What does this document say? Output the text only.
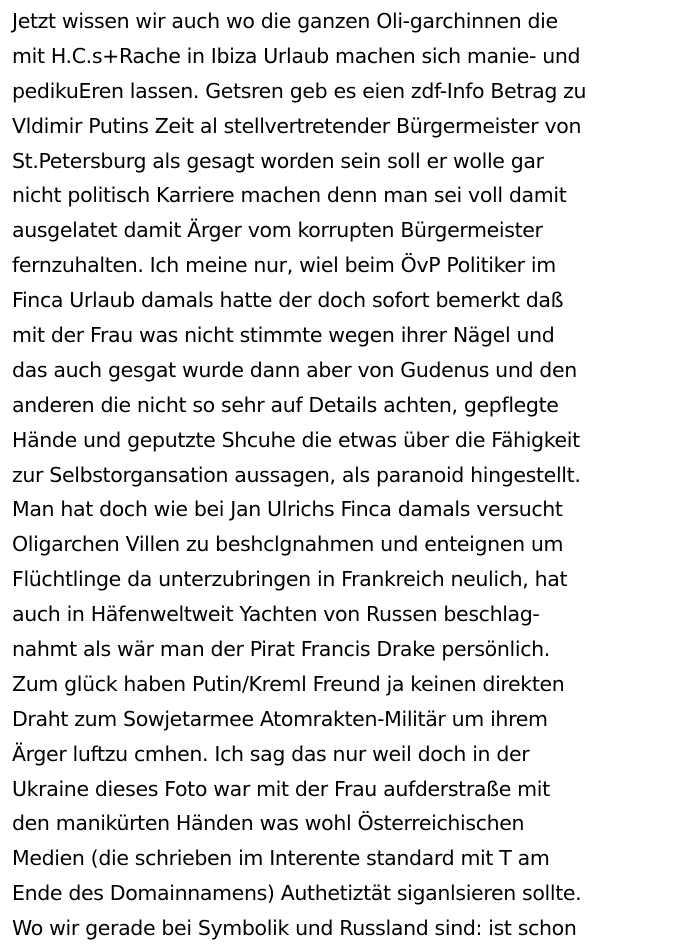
Jetzt wissen wir auch wo die ganzen Oli-garchinnen die
mit H.C.s+Rache in Ibiza Urlaub machen sich manie- und
pedikuEren lassen. Getsren geb es eien zdf-Info Betrag zu
Vldimir Putins Zeit al stellvertretender Bürgermeister von
St.Petersburg als gesagt worden sein soll er wolle gar
nicht politisch Karriere machen denn man sei voll damit
ausgelatet damit Ärger vom korrupten Bürgermeister
fernzuhalten. Ich meine nur, wiel beim ÖvP Politiker im
Finca Urlaub damals hatte der doch sofort bemerkt daß
mit der Frau was nicht stimmte wegen ihrer Nägel und
das auch gesgat wurde dann aber von Gudenus und den
anderen die nicht so sehr auf Details achten, gepflegte
Hände und geputzte Shcuhe die etwas über die Fähigkeit
zur Selbstorgansation aussagen, als paranoid hingestellt.
Man hat doch wie bei Jan Ulrichs Finca damals versucht
Oligarchen Villen zu beshclgnahmen und enteignen um
Flüchtlinge da unterzubringen in Frankreich neulich, hat
auch in Häfenweltweit Yachten von Russen beschlag-
nahmt als wär man der Pirat Francis Drake persönlich.
Zum glück haben Putin/Kreml Freund ja keinen direkten
Draht zum Sowjetarmee Atomrakten-Militär um ihrem
Ärger luftzu cmhen. Ich sag das nur weil doch in der
Ukraine dieses Foto war mit der Frau aufderstraße mit
den manikürten Händen was wohl Österreichischen
Medien (die schrieben im Interente standard mit T am
Ende des Domainnamens) Authetiztät siganlsieren sollte.
Wo wir gerade bei Symbolik und Russland sind: ist schon
